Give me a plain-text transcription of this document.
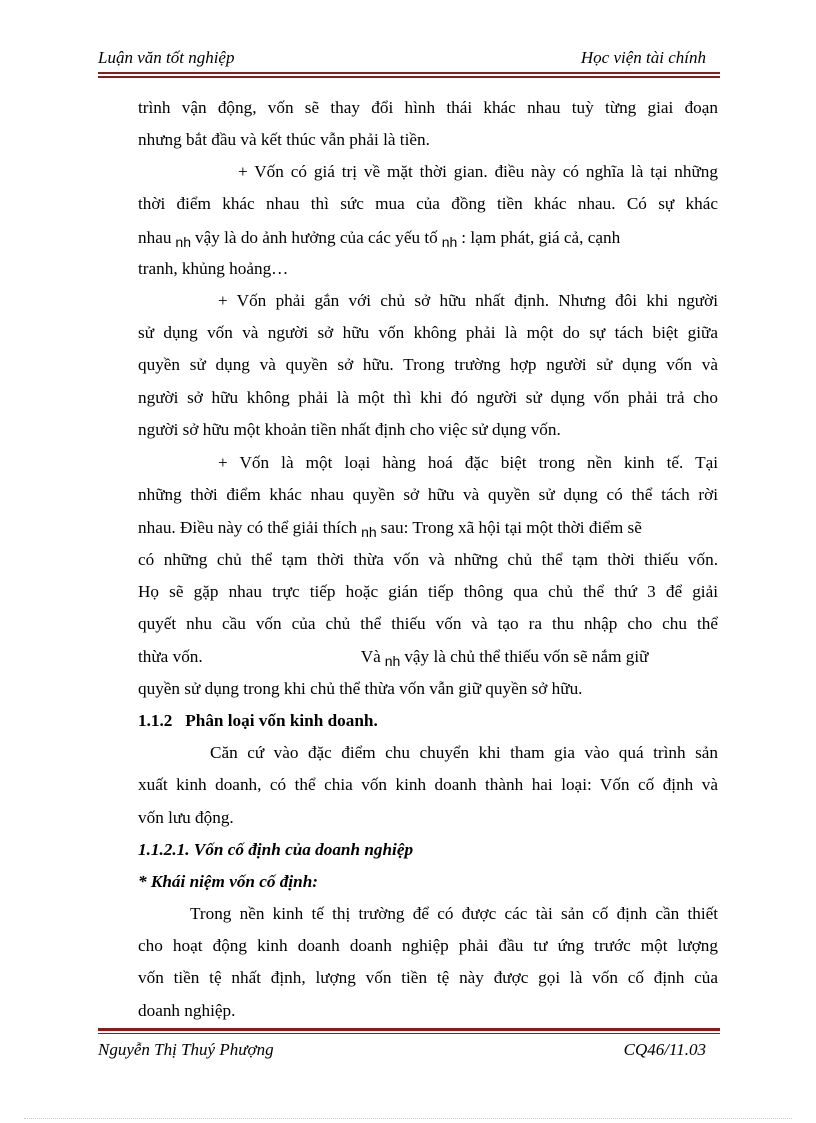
Luận văn tốt nghiệp	Học viện tài chính
trình vận động, vốn sẽ thay đổi hình thái khác nhau tuỳ từng giai đoạn
nhưng bắt đầu và kết thúc vẫn phải là tiền.
+ Vốn có giá trị về mặt thời gian. điều này có nghĩa là tại những
thời điểm khác nhau thì sức mua của đồng tiền khác nhau. Có sự khác
nhau $_{nh}$ vậy là do ảnh hưởng của các yếu tố $_{nh}$ : lạm phát, giá cả, cạnh
tranh, khủng hoảng…
+ Vốn phải gắn với chủ sở hữu nhất định. Nhưng đôi khi người
sử dụng vốn và người sở hữu vốn không phải là một do sự tách biệt giữa
quyền sử dụng và quyền sở hữu. Trong trường hợp người sử dụng vốn và
người sở hữu không phải là một thì khi đó người sử dụng vốn phải trả cho
người sở hữu một khoản tiền nhất định cho việc sử dụng vốn.
+ Vốn là một loại hàng hoá đặc biệt trong nền kinh tế. Tại
những thời điểm khác nhau quyền sở hữu và quyền sử dụng có thể tách rời
nhau. Điều này có thể giải thích $_{nh}$ sau: Trong xã hội tại một thời điểm sẽ
có những chủ thể tạm thời thừa vốn và những chủ thể tạm thời thiếu vốn.
Họ sẽ gặp nhau trực tiếp hoặc gián tiếp thông qua chủ thể thứ 3 để giải
quyết nhu cầu vốn của chủ thể thiếu vốn và tạo ra thu nhập cho chu thể
thừa vốn.	Và $_{nh}$ vậy là chủ thể thiếu vốn sẽ nắm giữ
quyền sử dụng trong khi chủ thể thừa vốn vẫn giữ quyền sở hữu.
1.1.2   Phân loại vốn kinh doanh.
Căn cứ vào đặc điểm chu chuyển khi tham gia vào quá trình sản
xuất kinh doanh, có thể chia vốn kinh doanh thành hai loại: Vốn cố định và
vốn lưu động.
1.1.2.1. Vốn cố định của doanh nghiệp
* Khái niệm vốn cố định:
Trong nền kinh tế thị trường để có được các tài sản cố định cần thiết
cho hoạt động kinh doanh doanh nghiệp phải đầu tư ứng trước một lượng
vốn tiền tệ nhất định, lượng vốn tiền tệ này được gọi là vốn cố định của
doanh nghiệp.
Nguyễn Thị Thuý Phượng	CQ46/11.03
